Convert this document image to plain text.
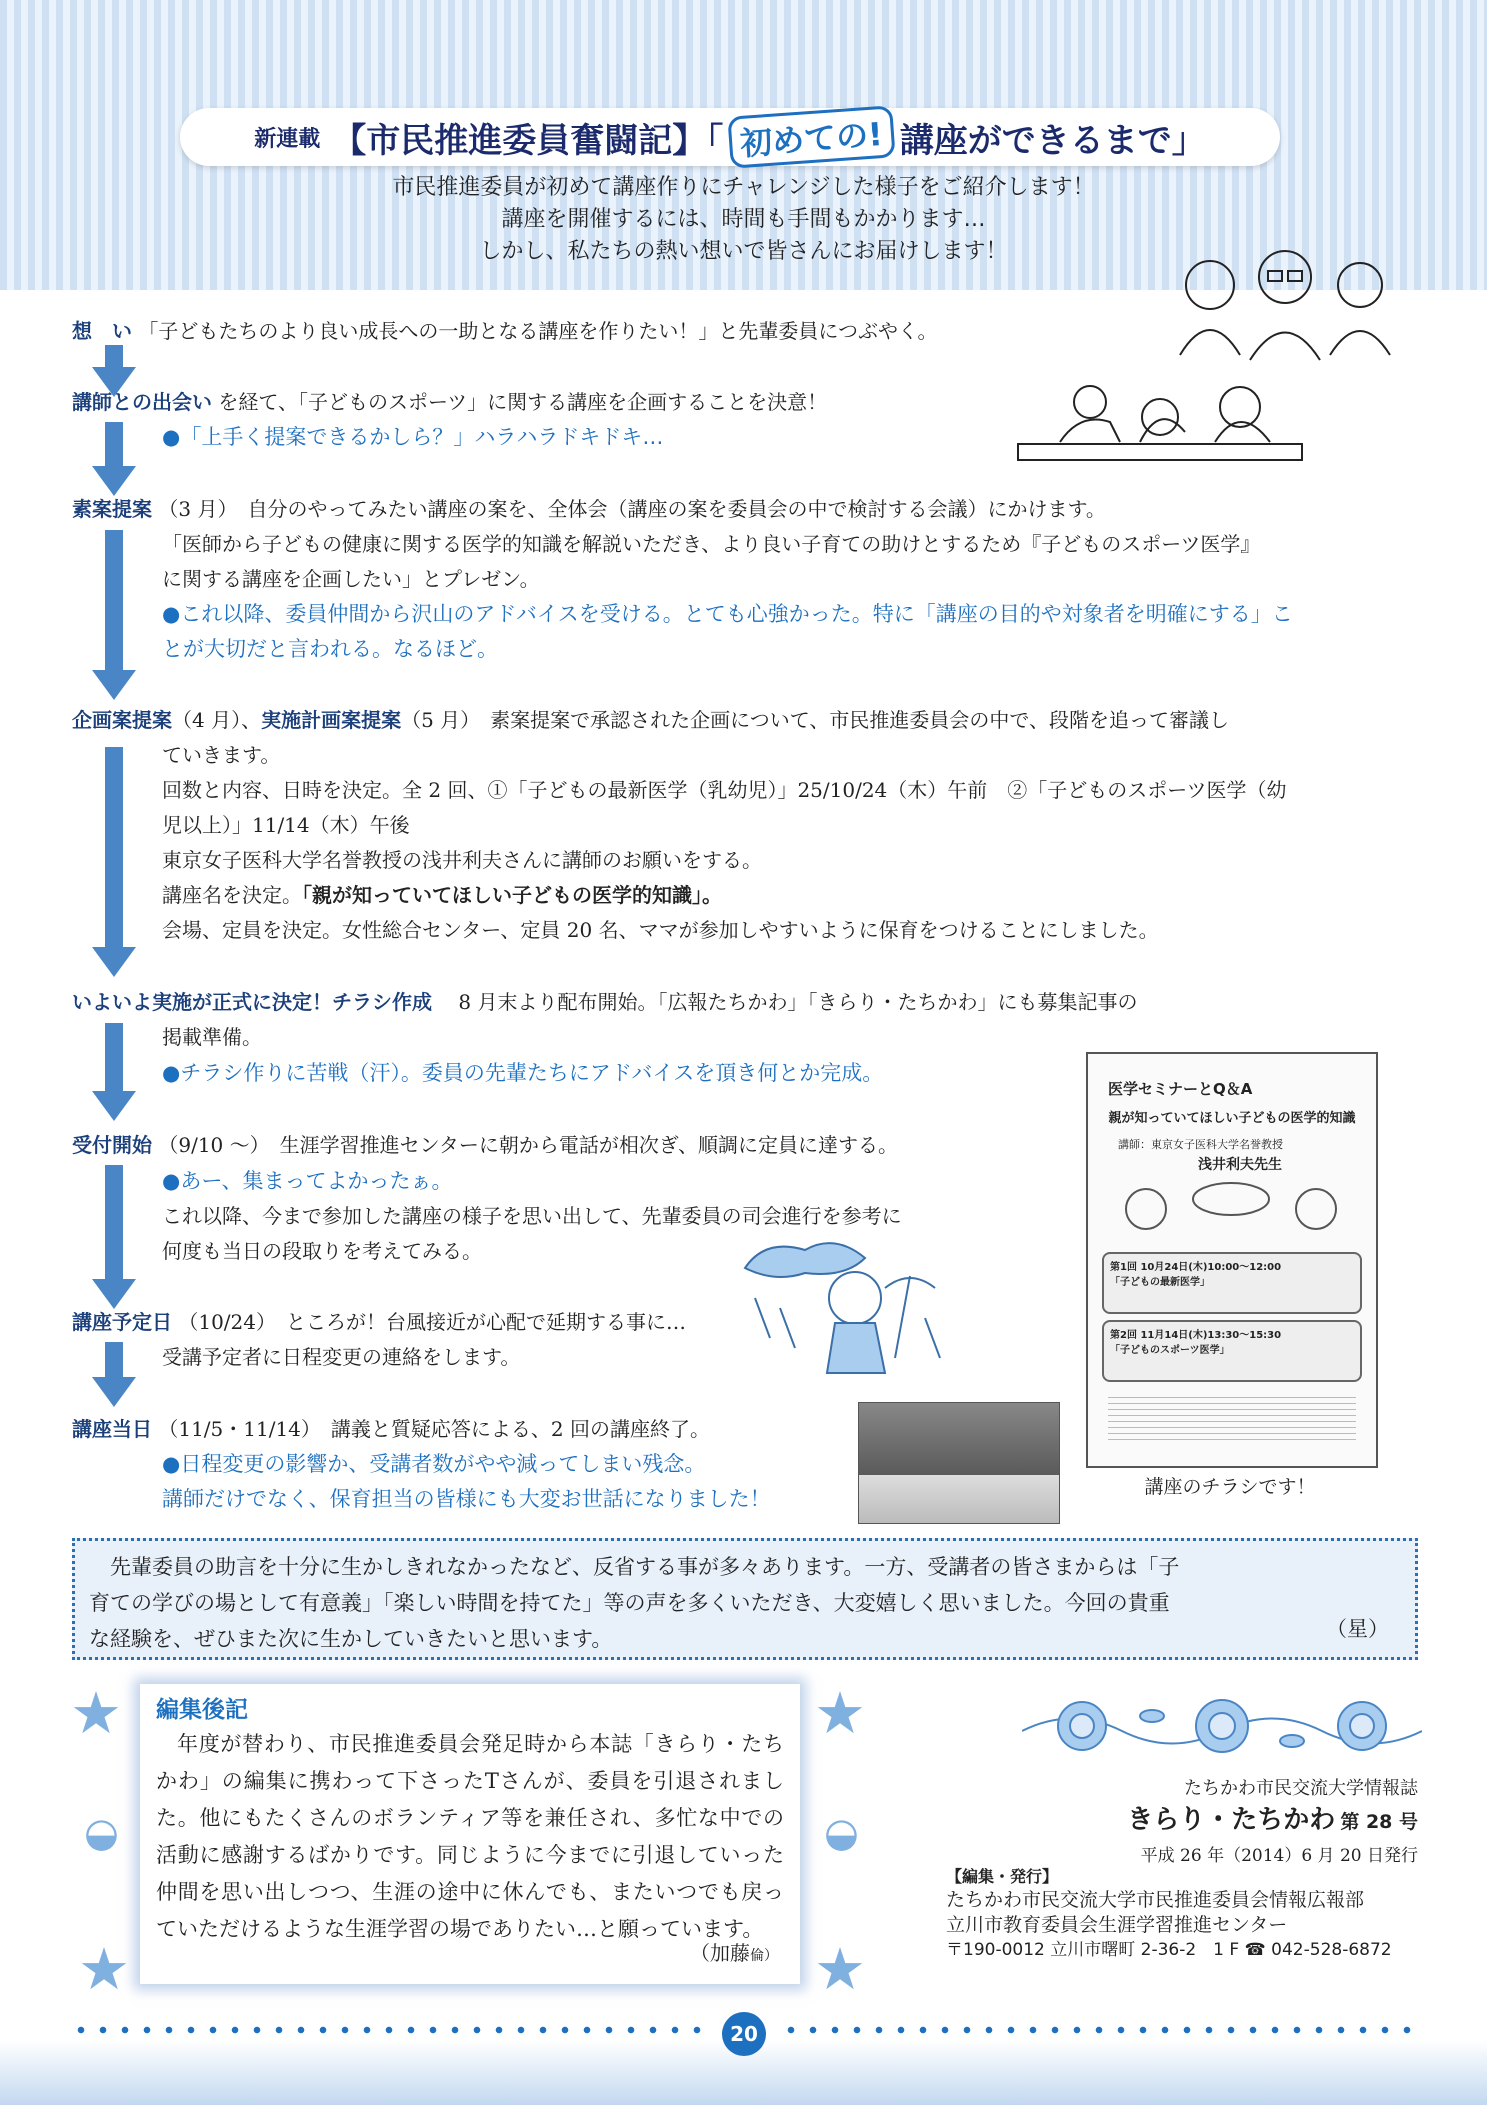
新連載 【市民推進委員奮闘記】「 初めての! 講座ができるまで」
市民推進委員が初めて講座作りにチャレンジした様子をご紹介します！
講座を開催するには、時間も手間もかかります…
しかし、私たちの熱い想いで皆さんにお届けします！
想　い 「子どもたちのより良い成長への一助となる講座を作りたい！」と先輩委員につぶやく。
講師との出会い を経て、「子どものスポーツ」に関する講座を企画することを決意！
●「上手く提案できるかしら？」ハラハラドキドキ…
素案提案 （3 月）　自分のやってみたい講座の案を、全体会（講座の案を委員会の中で検討する会議）にかけます。
「医師から子どもの健康に関する医学的知識を解説いただき、より良い子育ての助けとするため『子どものスポーツ医学』
に関する講座を企画したい」とプレゼン。
●これ以降、委員仲間から沢山のアドバイスを受ける。とても心強かった。特に「講座の目的や対象者を明確にする」こ
とが大切だと言われる。なるほど。
企画案提案（4 月）、実施計画案提案（5 月）　素案提案で承認された企画について、市民推進委員会の中で、段階を追って審議し
ていきます。
回数と内容、日時を決定。全 2 回、①「子どもの最新医学（乳幼児）」25/10/24（木）午前　②「子どものスポーツ医学（幼
児以上）」11/14（木）午後
東京女子医科大学名誉教授の浅井利夫さんに講師のお願いをする。
講座名を決定。「親が知っていてほしい子どもの医学的知識」。
会場、定員を決定。女性総合センター、定員 20 名、ママが参加しやすいように保育をつけることにしました。
いよいよ実施が正式に決定！チラシ作成 　8 月末より配布開始。「広報たちかわ」「きらり・たちかわ」にも募集記事の
掲載準備。
●チラシ作りに苦戦（汗）。委員の先輩たちにアドバイスを頂き何とか完成。
受付開始 （9/10 ～）　生涯学習推進センターに朝から電話が相次ぎ、順調に定員に達する。
●あー、集まってよかったぁ。
これ以降、今まで参加した講座の様子を思い出して、先輩委員の司会進行を参考に
何度も当日の段取りを考えてみる。
講座予定日 （10/24）　ところが！台風接近が心配で延期する事に…
受講予定者に日程変更の連絡をします。
講座当日 （11/5・11/14）　講義と質疑応答による、2 回の講座終了。
●日程変更の影響か、受講者数がやや減ってしまい残念。
講師だけでなく、保育担当の皆様にも大変お世話になりました！
医学セミナーとQ＆A
親が知っていてほしい子どもの医学的知識
講師：東京女子医科大学名誉教授
浅井利夫先生
第1回 10月24日(木)10:00～12:00
「子どもの最新医学」
第2回 11月14日(木)13:30～15:30
「子どものスポーツ医学」
講座のチラシです！
先輩委員の助言を十分に生かしきれなかったなど、反省する事が多々あります。一方、受講者の皆さまからは「子
育ての学びの場として有意義」「楽しい時間を持てた」等の声を多くいただき、大変嬉しく思いました。今回の貴重
な経験を、ぜひまた次に生かしていきたいと思います。	（星）
★	★
★	★
◒	◒
編集後記
年度が替わり、市民推進委員会発足時から本誌「きらり・たちかわ」の編集に携わって下さったTさんが、委員を引退されました。他にもたくさんのボランティア等を兼任され、多忙な中での活動に感謝するばかりです。同じように今までに引退していった仲間を思い出しつつ、生涯の途中に休んでも、またいつでも戻っていただけるような生涯学習の場でありたい…と願っています。
（加藤倫）
たちかわ市民交流大学情報誌
きらり・たちかわ 第 28 号
平成 26 年（2014）6 月 20 日発行
【編集・発行】
たちかわ市民交流大学市民推進委員会情報広報部
立川市教育委員会生涯学習推進センター
〒190-0012 立川市曙町 2-36-2　1 F ☎ 042-528-6872
20
